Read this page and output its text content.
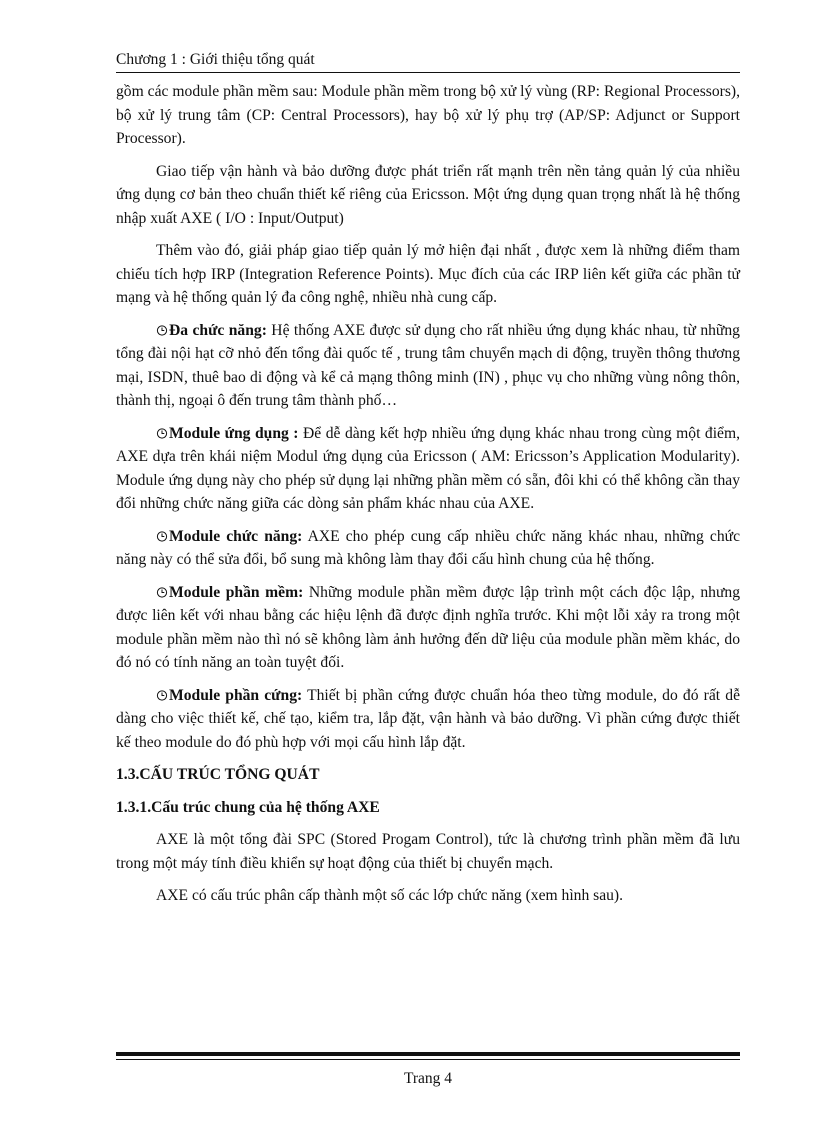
Chương 1 : Giới thiệu tổng quát

gồm các module phần mềm sau: Module phần mềm trong bộ xử lý vùng (RP: Regional Processors), bộ xử lý trung tâm (CP: Central Processors), hay bộ xử lý phụ trợ (AP/SP: Adjunct or Support Processor).

Giao tiếp vận hành và bảo dưỡng được phát triển rất mạnh trên nền tảng quản lý của nhiều ứng dụng cơ bản theo chuẩn thiết kế riêng của Ericsson. Một ứng dụng quan trọng nhất là hệ thống nhập xuất AXE ( I/O : Input/Output)

Thêm vào đó, giải pháp giao tiếp quản lý mở hiện đại nhất , được xem là những điểm tham chiếu tích hợp IRP (Integration Reference Points). Mục đích của các IRP liên kết giữa các phần tử mạng và hệ thống quản lý đa công nghệ, nhiều nhà cung cấp.

Đa chức năng: Hệ thống AXE được sử dụng cho rất nhiều ứng dụng khác nhau, từ những tổng đài nội hạt cỡ nhỏ đến tổng đài quốc tế , trung tâm chuyển mạch di động, truyền thông thương mại, ISDN, thuê bao di động và kể cả mạng thông minh (IN) , phục vụ cho những vùng nông thôn, thành thị, ngoại ô đến trung tâm thành phố…

Module ứng dụng : Để dễ dàng kết hợp nhiều ứng dụng khác nhau trong cùng một điểm, AXE dựa trên khái niệm Modul ứng dụng của Ericsson ( AM: Ericsson’s Application Modularity). Module ứng dụng này cho phép sử dụng lại những phần mềm có sẵn, đôi khi có thể không cần thay đổi những chức năng giữa các dòng sản phẩm khác nhau của AXE.

Module chức năng: AXE cho phép cung cấp nhiều chức năng khác nhau, những chức năng này có thể sửa đổi, bổ sung mà không làm thay đổi cấu hình chung của hệ thống.

Module phần mềm: Những module phần mềm được lập trình một cách độc lập, nhưng được liên kết với nhau bằng các hiệu lệnh đã được định nghĩa trước. Khi một lỗi xảy ra trong một module phần mềm nào thì nó sẽ không làm ảnh hưởng đến dữ liệu của module phần mềm khác, do đó nó có tính năng an toàn tuyệt đối.

Module phần cứng: Thiết bị phần cứng được chuẩn hóa theo từng module, do đó rất dễ dàng cho việc thiết kế, chế tạo, kiểm tra, lắp đặt, vận hành và bảo dưỡng. Vì phần cứng được thiết kế theo module do đó phù hợp với mọi cấu hình lắp đặt.

1.3.CẤU TRÚC TỔNG QUÁT

1.3.1.Cấu trúc chung của hệ thống AXE

AXE là một tổng đài SPC (Stored Progam Control), tức là chương trình phần mềm đã lưu trong một máy tính điều khiển sự hoạt động của thiết bị chuyển mạch.

AXE có cấu trúc phân cấp thành một số các lớp chức năng (xem hình sau).

Trang 4
